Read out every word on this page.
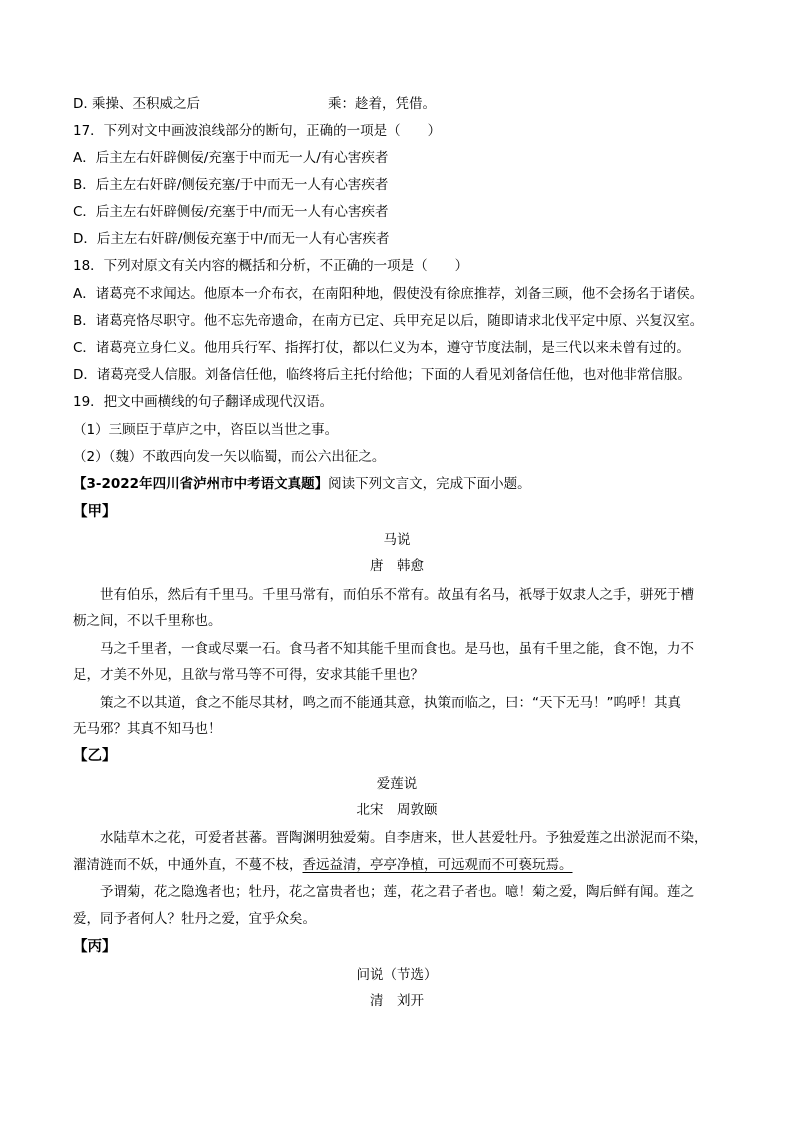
D. 乘操、丕积威之后	乘：趁着，凭借。
17．下列对文中画波浪线部分的断句，正确的一项是（　　）
A．后主左右奸辟侧佞/充塞于中而无一人/有心害疾者
B．后主左右奸辟/侧佞充塞/于中而无一人有心害疾者
C．后主左右奸辟侧佞/充塞于中/而无一人有心害疾者
D．后主左右奸辟/侧佞充塞于中/而无一人有心害疾者
18．下列对原文有关内容的概括和分析，不正确的一项是（　　）
A．诸葛亮不求闻达。他原本一介布衣，在南阳种地，假使没有徐庶推荐，刘备三顾，他不会扬名于诸侯。
B．诸葛亮恪尽职守。他不忘先帝遗命，在南方已定、兵甲充足以后，随即请求北伐平定中原、兴复汉室。
C．诸葛亮立身仁义。他用兵行军、指挥打仗，都以仁义为本，遵守节度法制，是三代以来未曾有过的。
D．诸葛亮受人信服。刘备信任他，临终将后主托付给他；下面的人看见刘备信任他，也对他非常信服。
19．把文中画横线的句子翻译成现代汉语。
（1）三顾臣于草庐之中，咨臣以当世之事。
（2）（魏）不敢西向发一矢以临蜀，而公六出征之。
【3-2022年四川省泸州市中考语文真题】阅读下列文言文，完成下面小题。
【甲】
马说
唐　韩愈
世有伯乐，然后有千里马。千里马常有，而伯乐不常有。故虽有名马，祇辱于奴隶人之手，骈死于槽
枥之间，不以千里称也。
马之千里者，一食或尽粟一石。食马者不知其能千里而食也。是马也，虽有千里之能，食不饱，力不
足，才美不外见，且欲与常马等不可得，安求其能千里也？
策之不以其道，食之不能尽其材，鸣之而不能通其意，执策而临之，曰：“天下无马！”呜呼！其真
无马邪？其真不知马也！
【乙】
爱莲说
北宋　周敦颐
水陆草木之花，可爱者甚蕃。晋陶渊明独爱菊。自李唐来，世人甚爱牡丹。予独爱莲之出淤泥而不染，
濯清涟而不妖，中通外直，不蔓不枝，香远益清，亭亭净植，可远观而不可亵玩焉。
予谓菊，花之隐逸者也；牡丹，花之富贵者也；莲，花之君子者也。噫！菊之爱，陶后鲜有闻。莲之
爱，同予者何人？牡丹之爱，宜乎众矣。
【丙】
问说（节选）
清　刘开
